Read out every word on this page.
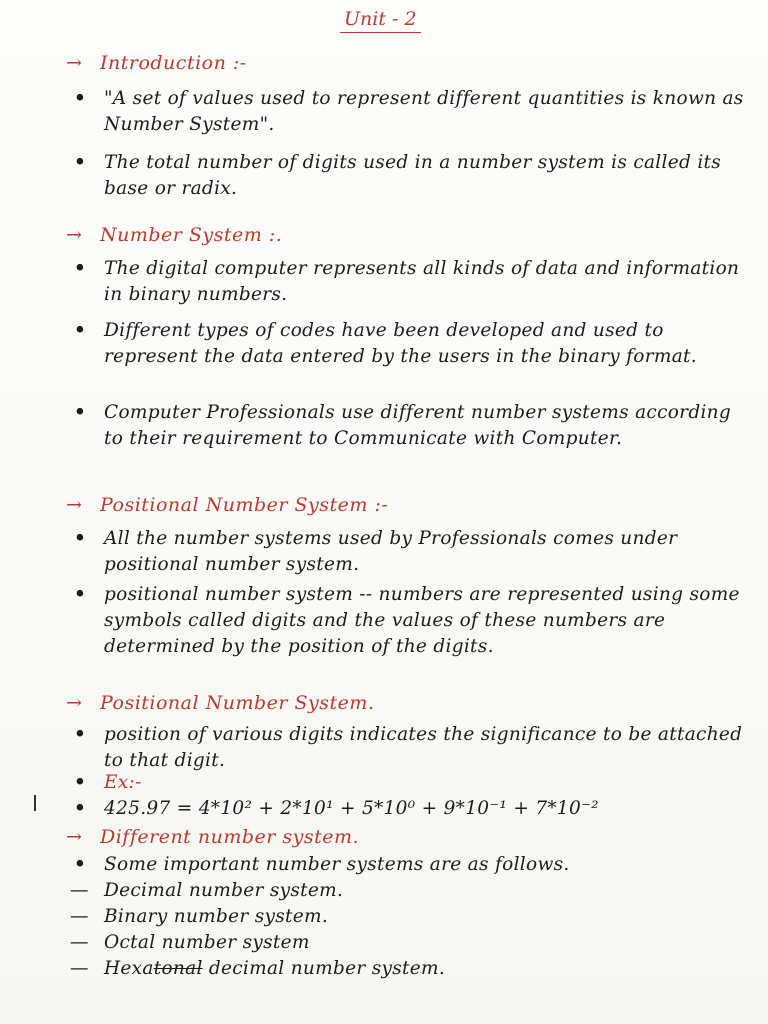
Unit - 2
→ Introduction :-
• "A set of values used to represent different quantities is known as Number System".
• The total number of digits used in a number system is called its base or radix.
→ Number System :.
• The digital computer represents all kinds of data and information in binary numbers.
• Different types of codes have been developed and used to represent the data entered by the users in the binary format.
• Computer Professionals use different number systems according to their requirement to Communicate with Computer.
→ Positional Number System :-
• All the number systems used by Professionals comes under positional number system.
• positional number system -- numbers are represented using some symbols called digits and the values of these numbers are determined by the position of the digits.
→ Positional Number System.
• position of various digits indicates the significance to be attached to that digit.
• Ex:-
• 425.97 = 4*10² + 2*10¹ + 5*10⁰ + 9*10⁻¹ + 7*10⁻²
→ Different number system.
• Some important number systems are as follows.
— Decimal number system.
— Binary number system.
— Octal number system
— Hexatonal decimal number system.
